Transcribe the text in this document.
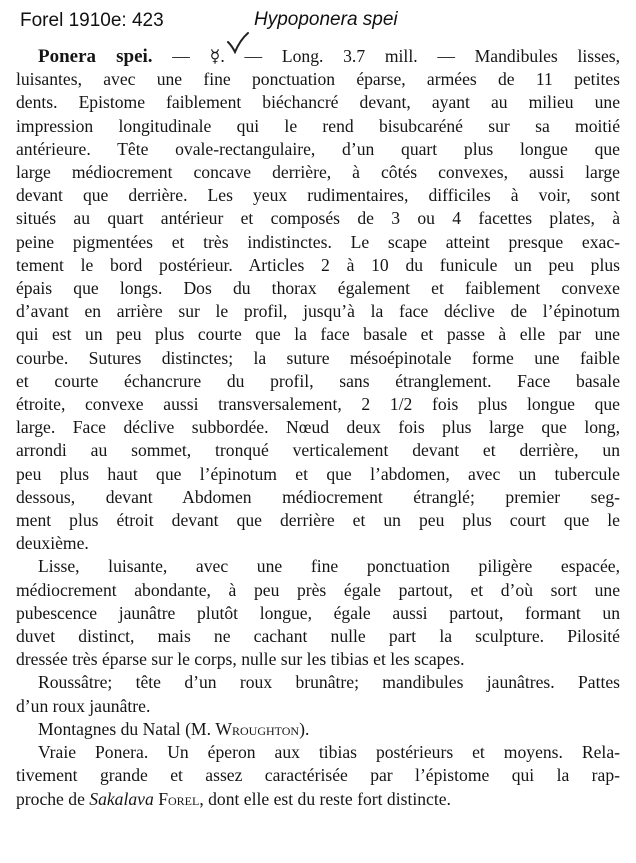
Forel 1910e: 423	Hypoponera spei
Ponera spei. — ☿. — Long. 3.7 mill. — Mandibules lisses,
luisantes, avec une fine ponctuation éparse, armées de 11 petites
dents. Epistome faiblement biéchancré devant, ayant au milieu une
impression longitudinale qui le rend bisubcaréné sur sa moitié
antérieure. Tête ovale-rectangulaire, d’un quart plus longue que
large médiocrement concave derrière, à côtés convexes, aussi large
devant que derrière. Les yeux rudimentaires, difficiles à voir, sont
situés au quart antérieur et composés de 3 ou 4 facettes plates, à
peine pigmentées et très indistinctes. Le scape atteint presque exac-
tement le bord postérieur. Articles 2 à 10 du funicule un peu plus
épais que longs. Dos du thorax également et faiblement convexe
d’avant en arrière sur le profil, jusqu’à la face déclive de l’épinotum
qui est un peu plus courte que la face basale et passe à elle par une
courbe. Sutures distinctes; la suture mésoépinotale forme une faible
et courte échancrure du profil, sans étranglement. Face basale
étroite, convexe aussi transversalement, 2 1/2 fois plus longue que
large. Face déclive subbordée. Nœud deux fois plus large que long,
arrondi au sommet, tronqué verticalement devant et derrière, un
peu plus haut que l’épinotum et que l’abdomen, avec un tubercule
dessous, devant Abdomen médiocrement étranglé; premier seg-
ment plus étroit devant que derrière et un peu plus court que le
deuxième.
Lisse, luisante, avec une fine ponctuation piligère espacée,
médiocrement abondante, à peu près égale partout, et d’où sort une
pubescence jaunâtre plutôt longue, égale aussi partout, formant un
duvet distinct, mais ne cachant nulle part la sculpture. Pilosité
dressée très éparse sur le corps, nulle sur les tibias et les scapes.
Roussâtre; tête d’un roux brunâtre; mandibules jaunâtres. Pattes
d’un roux jaunâtre.
Montagnes du Natal (M. Wroughton).
Vraie Ponera. Un éperon aux tibias postérieurs et moyens. Rela-
tivement grande et assez caractérisée par l’épistome qui la rap-
proche de Sakalava Forel, dont elle est du reste fort distincte.
